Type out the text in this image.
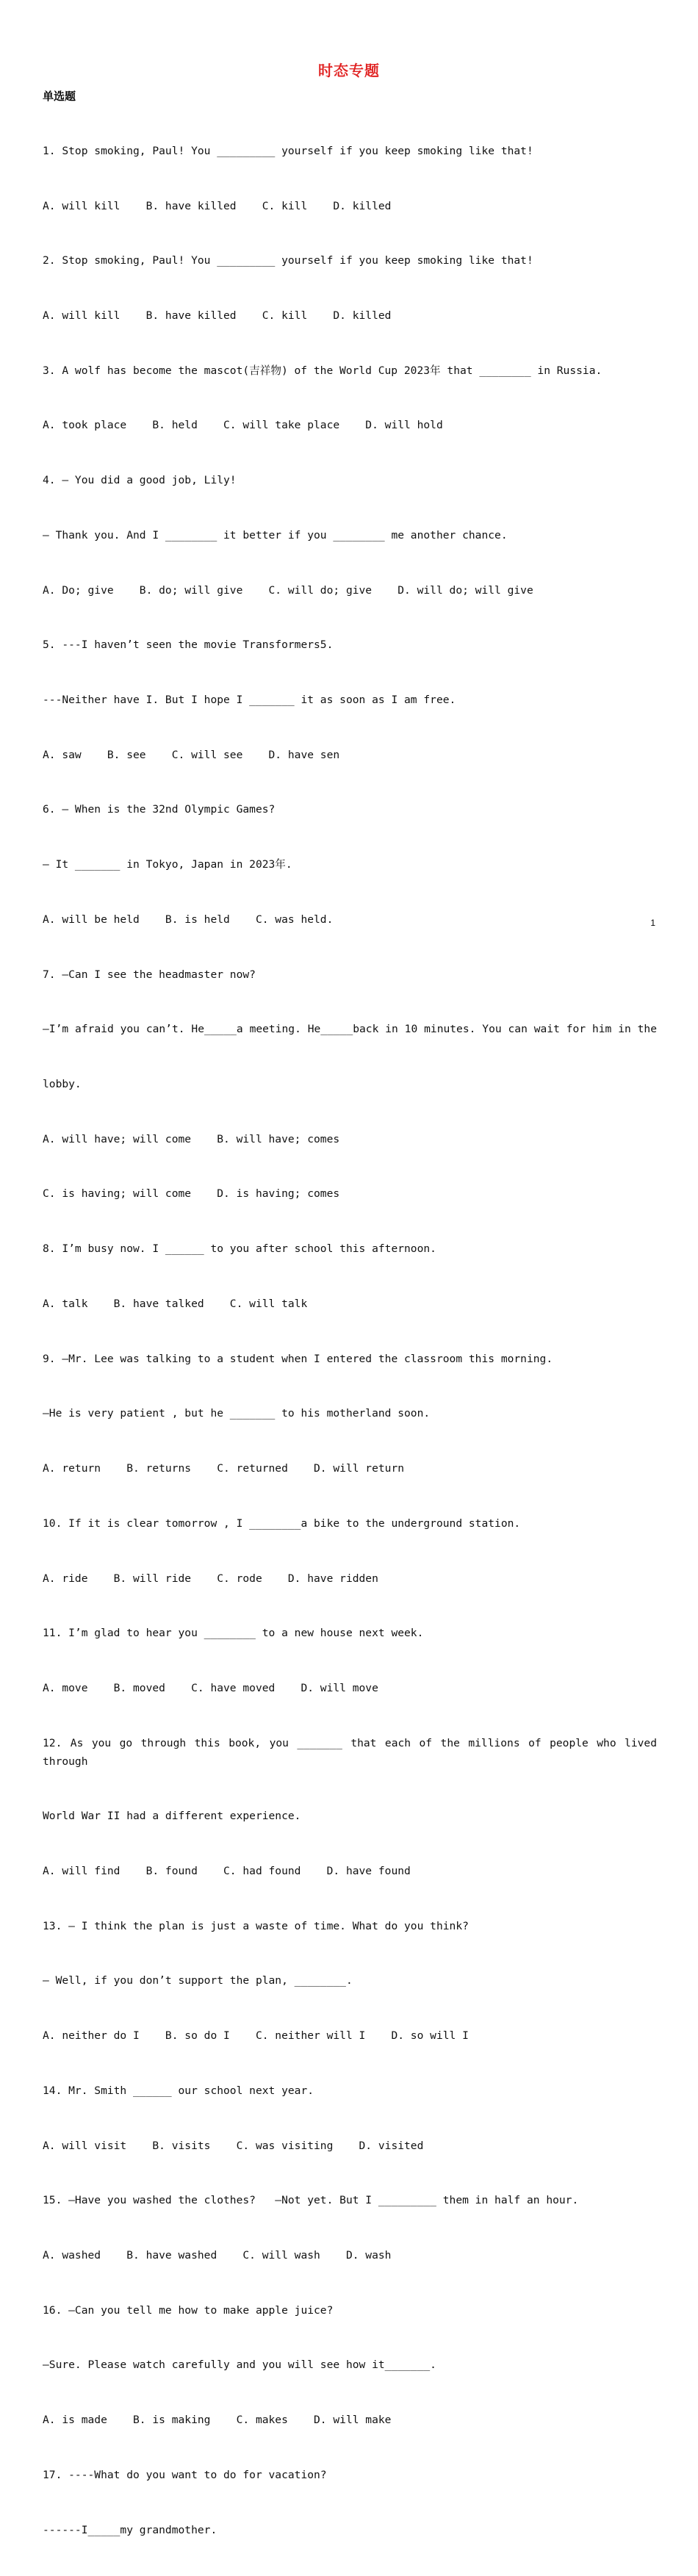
时态专题
单选题

1. Stop smoking, Paul! You _________ yourself if you keep smoking like that!

A. will kill    B. have killed    C. kill    D. killed

2. Stop smoking, Paul! You _________ yourself if you keep smoking like that!

A. will kill    B. have killed    C. kill    D. killed

3. A wolf has become the mascot(吉祥物) of the World Cup 2023年 that ________ in Russia.

A. took place    B. held    C. will take place    D. will hold

4. — You did a good job, Lily!

— Thank you. And I ________ it better if you ________ me another chance.

A. Do; give    B. do; will give    C. will do; give    D. will do; will give

5. ---I haven’t seen the movie Transformers5.

---Neither have I. But I hope I _______ it as soon as I am free.

A. saw    B. see    C. will see    D. have sen

6. — When is the 32nd Olympic Games?

— It _______ in Tokyo, Japan in 2023年.

A. will be held    B. is held    C. was held.

7. —Can I see the headmaster now?

—I’m afraid you can’t. He_____a meeting. He_____back in 10 minutes. You can wait for him in the

lobby.

A. will have; will come    B. will have; comes

C. is having; will come    D. is having; comes

8. I’m busy now. I ______ to you after school this afternoon.

A. talk    B. have talked    C. will talk

9. —Mr. Lee was talking to a student when I entered the classroom this morning.

—He is very patient , but he _______ to his motherland soon.

A. return    B. returns    C. returned    D. will return

10. If it is clear tomorrow , I ________a bike to the underground station.

A. ride    B. will ride    C. rode    D. have ridden

11. I’m glad to hear you ________ to a new house next week.

A. move    B. moved    C. have moved    D. will move

12. As you go through this book, you _______ that each of the millions of people who lived through

World War II had a different experience.

A. will find    B. found    C. had found    D. have found

13. — I think the plan is just a waste of time. What do you think?

— Well, if you don’t support the plan, ________.

A. neither do I    B. so do I    C. neither will I    D. so will I

14. Mr. Smith ______ our school next year.

A. will visit    B. visits    C. was visiting    D. visited

15. —Have you washed the clothes?   —Not yet. But I _________ them in half an hour.

A. washed    B. have washed    C. will wash    D. wash

16. —Can you tell me how to make apple juice?

—Sure. Please watch carefully and you will see how it_______.

A. is made    B. is making    C. makes    D. will make

17. ----What do you want to do for vacation?

------I_____my grandmother.

1
